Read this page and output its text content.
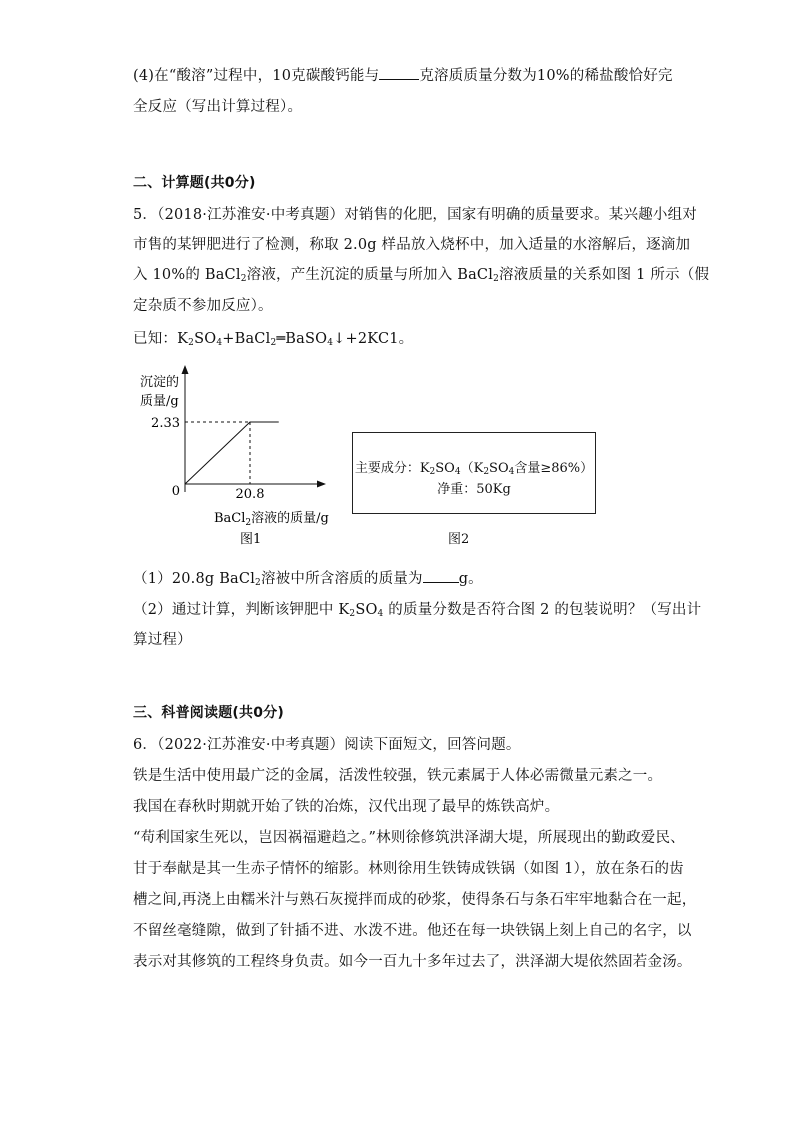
(4)在“酸溶”过程中，10克碳酸钙能与	克溶质质量分数为10%的稀盐酸恰好完
全反应（写出计算过程）。
二、计算题(共0分)
5．（2018·江苏淮安·中考真题）对销售的化肥，国家有明确的质量要求。某兴趣小组对
市售的某钾肥进行了检测，称取 2.0g 样品放入烧杯中，加入适量的水溶解后，逐滴加
入 10%的 BaCl$_2$溶液，产生沉淀的质量与所加入 BaCl$_2$溶液质量的关系如图 1 所示（假
定杂质不参加反应）。
已知：$K_2SO_4+BaCl_2═BaSO_4↓+2KC1$。
沉淀的
质量/g
2.33
0	20.8
BaCl$_2$溶液的质量/g
图1
主要成分：$K_2SO_4(K_2SO_4$含量≥86%）
净重：50Kg
图2
（1）20.8g BaCl$_2$溶被中所含溶质的质量为 g。
（2）通过计算，判断该钾肥中 $K_2SO_4$ 的质量分数是否符合图 2 的包装说明？（写出计
算过程）
三、科普阅读题(共0分)
6．（2022·江苏淮安·中考真题）阅读下面短文，回答问题。
铁是生活中使用最广泛的金属，活泼性较强，铁元素属于人体必需微量元素之一。
我国在春秋时期就开始了铁的冶炼，汉代出现了最早的炼铁高炉。
“苟利国家生死以，岂因祸福避趋之。”林则徐修筑洪泽湖大堤，所展现出的勤政爱民、
甘于奉献是其一生赤子情怀的缩影。林则徐用生铁铸成铁锅（如图 1），放在条石的齿
槽之间,再浇上由糯米汁与熟石灰搅拌而成的砂浆，使得条石与条石牢牢地黏合在一起，
不留丝毫缝隙，做到了针插不进、水泼不进。他还在每一块铁锅上刻上自己的名字，以
表示对其修筑的工程终身负责。如今一百九十多年过去了，洪泽湖大堤依然固若金汤。
